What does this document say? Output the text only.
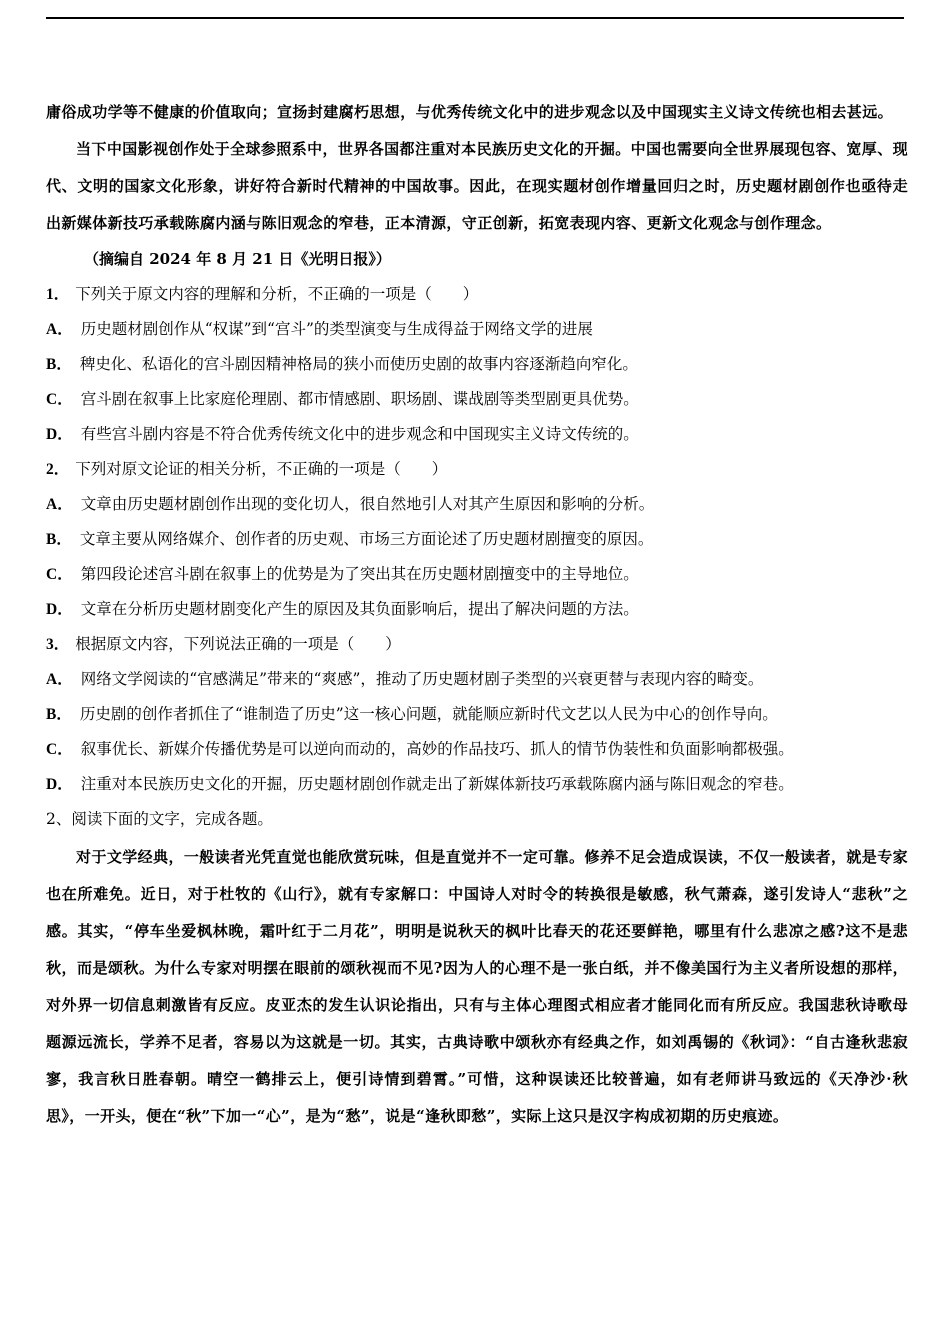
庸俗成功学等不健康的价值取向；宣扬封建腐朽思想，与优秀传统文化中的进步观念以及中国现实主义诗文传统也相去甚远。

当下中国影视创作处于全球参照系中，世界各国都注重对本民族历史文化的开掘。中国也需要向全世界展现包容、宽厚、现代、文明的国家文化形象，讲好符合新时代精神的中国故事。因此，在现实题材创作增量回归之时，历史题材剧创作也亟待走出新媒体新技巧承载陈腐内涵与陈旧观念的窄巷，正本清源，守正创新，拓宽表现内容、更新文化观念与创作理念。

（摘编自 2024 年 8 月 21 日《光明日报》）

1． 下列关于原文内容的理解和分析，不正确的一项是（　　）

A． 历史题材剧创作从“权谋”到“宫斗”的类型演变与生成得益于网络文学的进展

B． 稗史化、私语化的宫斗剧因精神格局的狭小而使历史剧的故事内容逐渐趋向窄化。

C． 宫斗剧在叙事上比家庭伦理剧、都市情感剧、职场剧、谍战剧等类型剧更具优势。

D． 有些宫斗剧内容是不符合优秀传统文化中的进步观念和中国现实主义诗文传统的。

2． 下列对原文论证的相关分析，不正确的一项是（　　）

A． 文章由历史题材剧创作出现的变化切人，很自然地引人对其产生原因和影响的分析。

B． 文章主要从网络媒介、创作者的历史观、市场三方面论述了历史题材剧擅变的原因。

C． 第四段论述宫斗剧在叙事上的优势是为了突出其在历史题材剧擅变中的主导地位。

D． 文章在分析历史题材剧变化产生的原因及其负面影响后，提出了解决问题的方法。

3． 根据原文内容，下列说法正确的一项是（　　）

A． 网络文学阅读的“官感满足”带来的“爽感”，推动了历史题材剧子类型的兴衰更替与表现内容的畸变。

B． 历史剧的创作者抓住了“谁制造了历史”这一核心问题，就能顺应新时代文艺以人民为中心的创作导向。

C． 叙事优长、新媒介传播优势是可以逆向而动的，高妙的作品技巧、抓人的情节伪装性和负面影响都极强。

D． 注重对本民族历史文化的开掘，历史题材剧创作就走出了新媒体新技巧承载陈腐内涵与陈旧观念的窄巷。

2、阅读下面的文字，完成各题。

对于文学经典，一般读者光凭直觉也能欣赏玩味，但是直觉并不一定可靠。修养不足会造成误读，不仅一般读者，就是专家也在所难免。近日，对于杜牧的《山行》，就有专家解口：中国诗人对时令的转换很是敏感，秋气萧森，遂引发诗人“悲秋”之感。其实，“停车坐爱枫林晚，霜叶红于二月花”，明明是说秋天的枫叶比春天的花还要鲜艳，哪里有什么悲凉之感?这不是悲秋，而是颂秋。为什么专家对明摆在眼前的颂秋视而不见?因为人的心理不是一张白纸，并不像美国行为主义者所设想的那样，对外界一切信息刺激皆有反应。皮亚杰的发生认识论指出，只有与主体心理图式相应者才能同化而有所反应。我国悲秋诗歌母题源远流长，学养不足者，容易以为这就是一切。其实，古典诗歌中颂秋亦有经典之作，如刘禹锡的《秋词》：“自古逢秋悲寂寥，我言秋日胜春朝。晴空一鹤排云上，便引诗情到碧霄。”可惜，这种误读还比较普遍，如有老师讲马致远的《天净沙·秋思》，一开头，便在“秋”下加一“心”，是为“愁”，说是“逢秋即愁”，实际上这只是汉字构成初期的历史痕迹。
